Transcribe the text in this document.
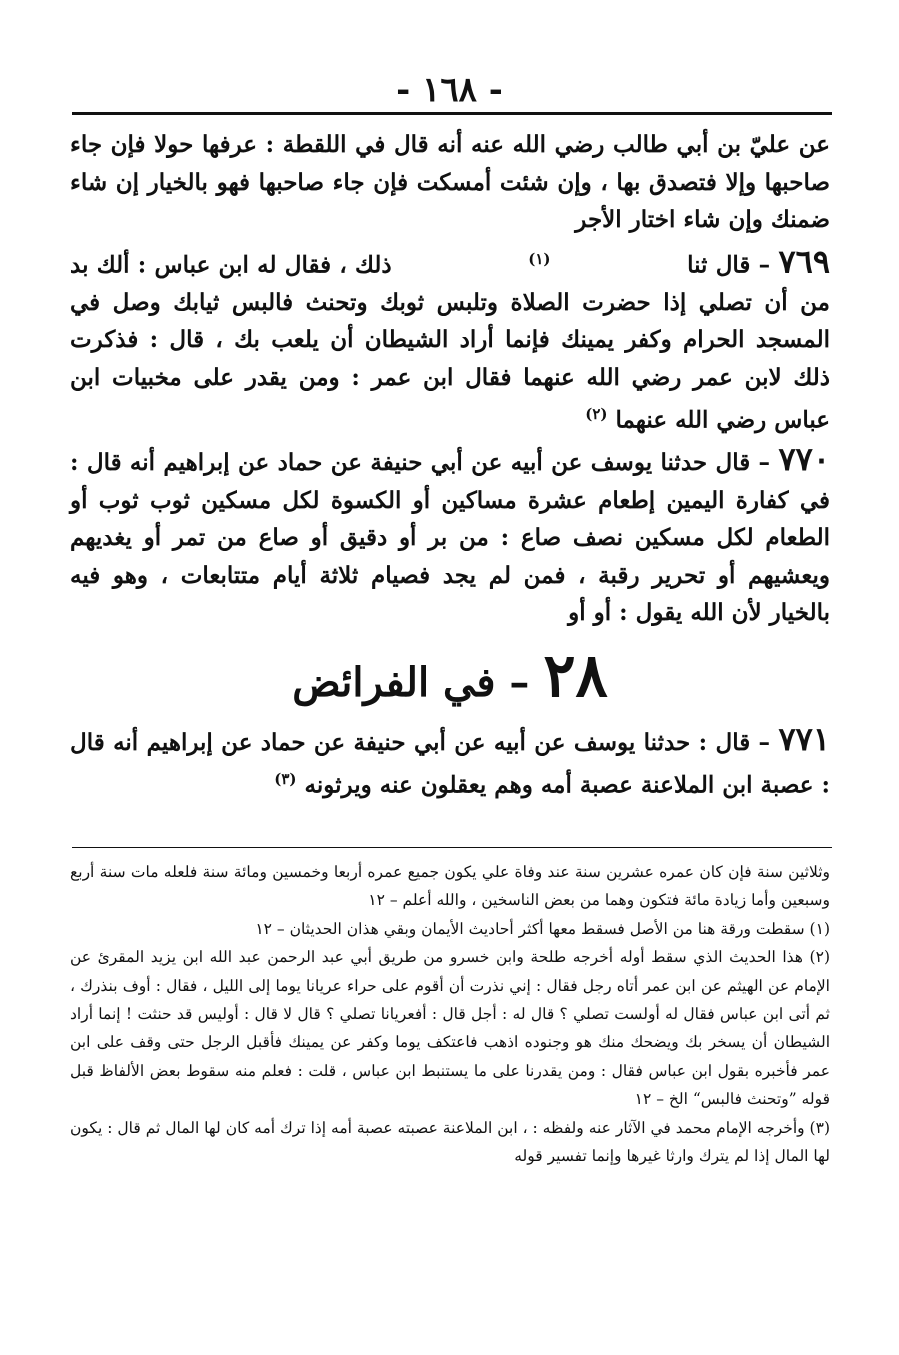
- ١٦٨ -

عن عليّ بن أبي طالب رضي الله عنه أنه قال في اللقطة : عرفها حولا فإن جاء صاحبها وإلا فتصدق بها ، وإن شئت أمسكت فإن جاء صاحبها فهو بالخيار إن شاء ضمنك وإن شاء اختار الأجر

٧٦٩ – قال ثنا  $^{(١)}$  ذلك ، فقال له ابن عباس : ألك بد من أن تصلي إذا حضرت الصلاة وتلبس ثوبك وتحنث فالبس ثيابك وصل في المسجد الحرام وكفر يمينك فإنما أراد الشيطان أن يلعب بك ، قال : فذكرت ذلك لابن عمر رضي الله عنهما فقال ابن عمر : ومن يقدر على مخبيات ابن عباس رضي الله عنهما $^{(٢)}$

٧٧٠ – قال حدثنا يوسف عن أبيه عن أبي حنيفة عن حماد عن إبراهيم أنه قال : في كفارة اليمين إطعام عشرة مساكين أو الكسوة لكل مسكين ثوب ثوب أو الطعام لكل مسكين نصف صاع : من بر أو دقيق أو صاع من تمر أو يغديهم ويعشيهم أو تحرير رقبة ، فمن لم يجد فصيام ثلاثة أيام متتابعات ، وهو فيه بالخيار لأن الله يقول : أو أو

٢٨ – في الفرائض

٧٧١ – قال : حدثنا يوسف عن أبيه عن أبي حنيفة عن حماد عن إبراهيم أنه قال : عصبة ابن الملاعنة عصبة أمه وهم يعقلون عنه ويرثونه $^{(٣)}$

وثلاثين سنة فإن كان عمره عشرين سنة عند وفاة علي يكون جميع عمره أربعا وخمسين ومائة سنة فلعله مات سنة أربع وسبعين وأما زيادة مائة فتكون وهما من بعض الناسخين ، والله أعلم – ١٢

(١) سقطت ورقة هنا من الأصل فسقط معها أكثر أحاديث الأيمان وبقي هذان الحديثان – ١٢

(٢) هذا الحديث الذي سقط أوله أخرجه طلحة وابن خسرو من طريق أبي عبد الرحمن عبد الله ابن يزيد المقرئ عن الإمام عن الهيثم عن ابن عمر أتاه رجل فقال : إني نذرت أن أقوم على حراء عريانا يوما إلى الليل ، فقال : أوف بنذرك ، ثم أتى ابن عباس فقال له أولست تصلي ؟ قال له : أجل قال : أفعريانا تصلي ؟ قال لا قال : أوليس قد حنثت ! إنما أراد الشيطان أن يسخر بك ويضحك منك هو وجنوده اذهب فاعتكف يوما وكفر عن يمينك فأقبل الرجل حتى وقف على ابن عمر فأخبره بقول ابن عباس فقال : ومن يقدرنا على ما يستنبط ابن عباس ، قلت : فعلم منه سقوط بعض الألفاظ قبل قوله ”وتحنث فالبس“ الخ – ١٢

(٣) وأخرجه الإمام محمد في الآثار عنه ولفظه : ، ابن الملاعنة عصبته عصبة أمه إذا ترك أمه كان لها المال ثم قال : يكون لها المال إذا لم يترك وارثا غيرها وإنما تفسير قوله
